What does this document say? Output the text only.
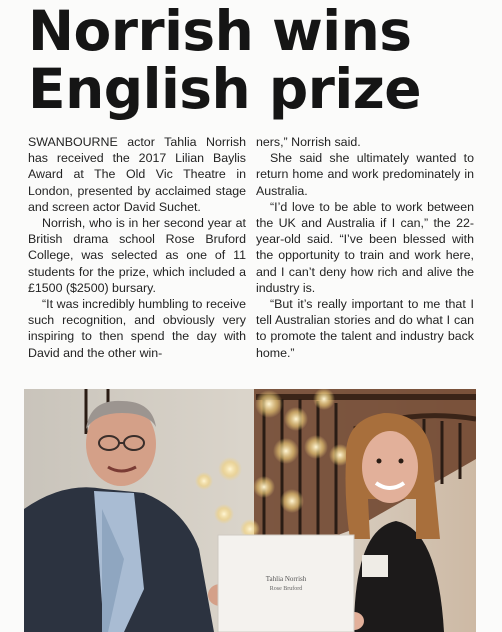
Norrish wins English prize

SWANBOURNE actor Tahlia Norrish has received the 2017 Lilian Baylis Award at The Old Vic Theatre in London, presented by acclaimed stage and screen actor David Suchet.

Norrish, who is in her second year at British drama school Rose Bruford College, was selected as one of 11 students for the prize, which included a £1500 ($2500) bursary.

“It was incredibly humbling to receive such recognition, and obviously very inspiring to then spend the day with David and the other win-

ners,” Norrish said.

She said she ultimately wanted to return home and work predominately in Australia.

“I’d love to be able to work between the UK and Australia if I can,” the 22-year-old said. “I’ve been blessed with the opportunity to train and work here, and I can’t deny how rich and alive the industry is.

“But it’s really important to me that I tell Australian stories and do what I can to promote the talent and industry back home.”

Tahlia Norrish
Rose Bruford
